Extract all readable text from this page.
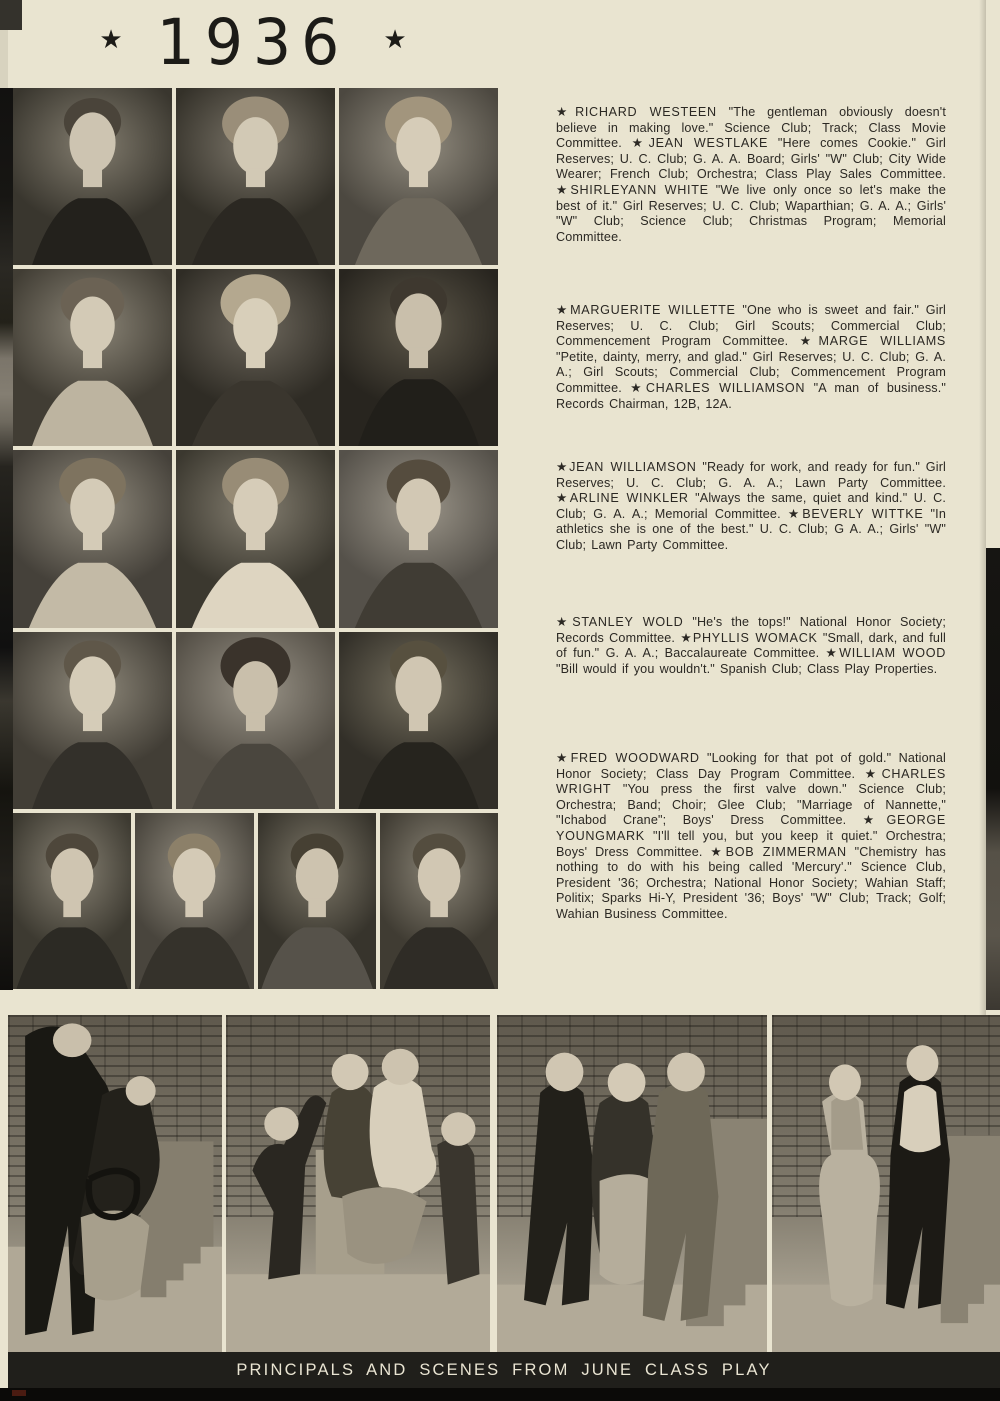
★ 1936 ★

★RICHARD WESTEEN "The gentleman obviously doesn't believe in making love." Science Club; Track; Class Movie Committee. ★JEAN WESTLAKE "Here comes Cookie." Girl Reserves; U. C. Club; G. A. A. Board; Girls' "W" Club; City Wide Wearer; French Club; Orchestra; Class Play Sales Committee. ★SHIRLEYANN WHITE "We live only once so let's make the best of it." Girl Reserves; U. C. Club; Waparthian; G. A. A.; Girls' "W" Club; Science Club; Christmas Program; Memorial Committee.

★MARGUERITE WILLETTE "One who is sweet and fair." Girl Reserves; U. C. Club; Girl Scouts; Commercial Club; Commencement Program Committee. ★MARGE WILLIAMS "Petite, dainty, merry, and glad." Girl Reserves; U. C. Club; G. A. A.; Girl Scouts; Commercial Club; Commencement Program Committee. ★CHARLES WILLIAMSON "A man of business." Records Chairman, 12B, 12A.

★JEAN WILLIAMSON "Ready for work, and ready for fun." Girl Reserves; U. C. Club; G. A. A.; Lawn Party Committee. ★ARLINE WINKLER "Always the same, quiet and kind." U. C. Club; G. A. A.; Memorial Committee. ★BEVERLY WITTKE "In athletics she is one of the best." U. C. Club; G A. A.; Girls' "W" Club; Lawn Party Committee.

★STANLEY WOLD "He's the tops!" National Honor Society; Records Committee. ★PHYLLIS WOMACK "Small, dark, and full of fun." G. A. A.; Baccalaureate Committee. ★WILLIAM WOOD "Bill would if you wouldn't." Spanish Club; Class Play Properties.

★FRED WOODWARD "Looking for that pot of gold." National Honor Society; Class Day Program Committee. ★CHARLES WRIGHT "You press the first valve down." Science Club; Orchestra; Band; Choir; Glee Club; "Marriage of Nannette," "Ichabod Crane"; Boys' Dress Committee. ★GEORGE YOUNGMARK "I'll tell you, but you keep it quiet." Orchestra; Boys' Dress Committee. ★BOB ZIMMERMAN "Chemistry has nothing to do with his being called 'Mercury'." Science Club, President '36; Orchestra; National Honor Society; Wahian Staff; Politix; Sparks Hi-Y, President '36; Boys' "W" Club; Track; Golf; Wahian Business Committee.

PRINCIPALS AND SCENES FROM JUNE CLASS PLAY
